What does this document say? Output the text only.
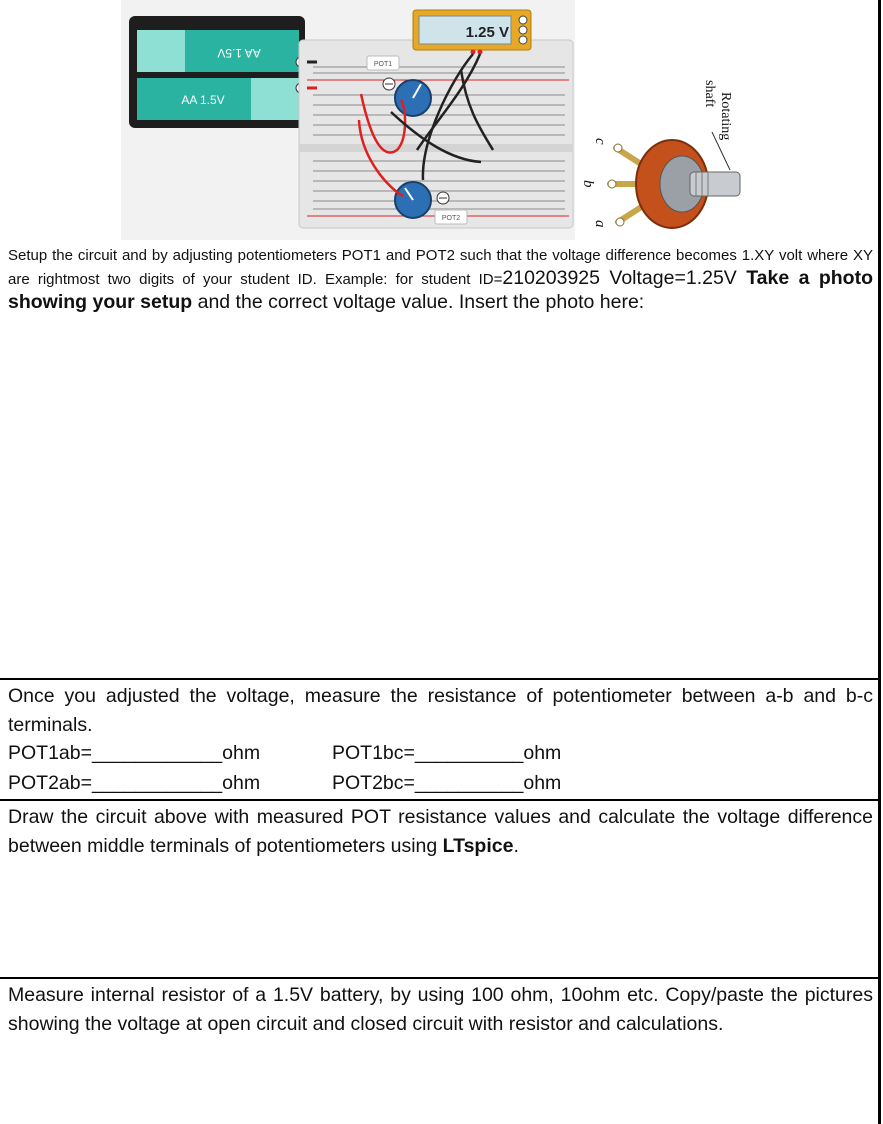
AA 1.5V
AA 1.5V
1.25 V
POT1
POT2
Rotating
shaft
c
b
a
Setup the circuit and by adjusting potentiometers POT1 and POT2 such that the voltage difference becomes 1.XY volt where XY are rightmost two digits of your student ID. Example: for student ID=210203925 Voltage=1.25V Take a photo showing your setup and the correct voltage value. Insert the photo here:
Once you adjusted the voltage, measure the resistance of potentiometer between a-b and b-c terminals.
POT1ab=____________ohm	POT1bc=__________ohm
POT2ab=____________ohm	POT2bc=__________ohm
Draw the circuit above with measured POT resistance values and calculate the voltage difference between middle terminals of potentiometers using LTspice.
Measure internal resistor of a 1.5V battery, by using 100 ohm, 10ohm etc. Copy/paste the pictures showing the voltage at open circuit and closed circuit with resistor and calculations.
